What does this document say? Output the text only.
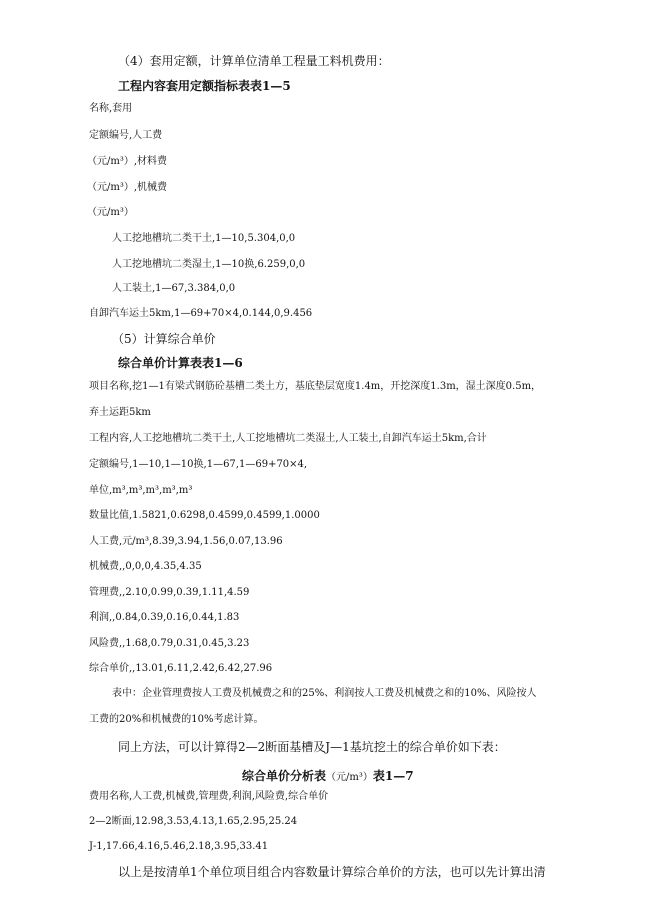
（4）套用定额，计算单位清单工程量工料机费用：
工程内容套用定额指标表表1—5
名称,套用
定额编号,人工费
（元/m³）,材料费
（元/m³）,机械费
（元/m³）
人工挖地槽坑二类干土,1—10,5.304,0,0
人工挖地槽坑二类湿土,1—10换,6.259,0,0
人工装土,1—67,3.384,0,0
自卸汽车运土5km,1—69+70×4,0.144,0,9.456
（5）计算综合单价
综合单价计算表表1—6
项目名称,挖1—1有梁式钢筋砼基槽二类土方，基底垫层宽度1.4m，开挖深度1.3m，湿土深度0.5m，
弃土运距5km
工程内容,人工挖地槽坑二类干土,人工挖地槽坑二类湿土,人工装土,自卸汽车运土5km,合计
定额编号,1—10,1—10换,1—67,1—69+70×4,
单位,m³,m³,m³,m³,m³
数量比值,1.5821,0.6298,0.4599,0.4599,1.0000
人工费,元/m³,8.39,3.94,1.56,0.07,13.96
机械费,,0,0,0,4.35,4.35
管理费,,2.10,0.99,0.39,1.11,4.59
利润,,0.84,0.39,0.16,0.44,1.83
风险费,,1.68,0.79,0.31,0.45,3.23
综合单价,,13.01,6.11,2.42,6.42,27.96
表中：企业管理费按人工费及机械费之和的25%、利润按人工费及机械费之和的10%、风险按人
工费的20%和机械费的10%考虑计算。
同上方法，可以计算得2—2断面基槽及J—1基坑挖土的综合单价如下表：
综合单价分析表（元/m³）表1—7
费用名称,人工费,机械费,管理费,利润,风险费,综合单价
2—2断面,12.98,3.53,4.13,1.65,2.95,25.24
J-1,17.66,4.16,5.46,2.18,3.95,33.41
以上是按清单1个单位项目组合内容数量计算综合单价的方法，也可以先计算出清
